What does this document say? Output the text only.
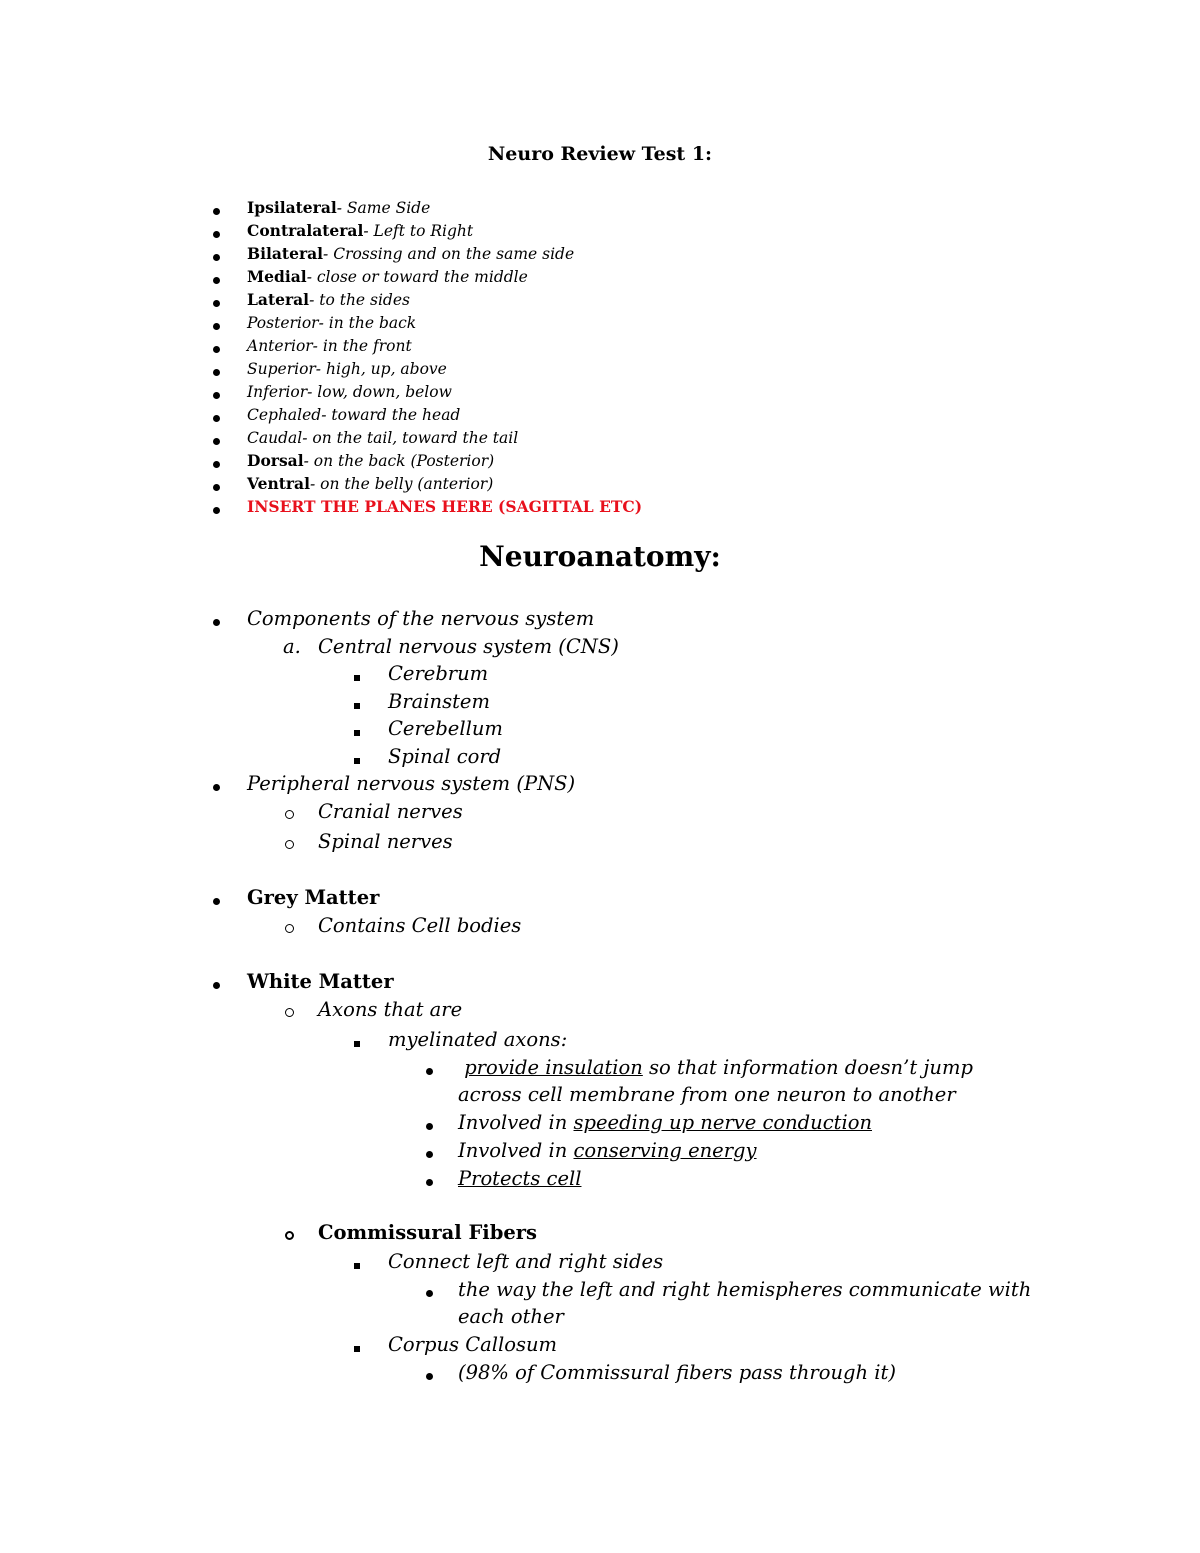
Neuro Review Test 1:
Ipsilateral- Same Side
Contralateral- Left to Right
Bilateral- Crossing and on the same side
Medial- close or toward the middle
Lateral- to the sides
Posterior- in the back
Anterior- in the front
Superior- high, up, above
Inferior- low, down, below
Cephaled- toward the head
Caudal- on the tail, toward the tail
Dorsal- on the back (Posterior)
Ventral- on the belly (anterior)
INSERT THE PLANES HERE (SAGITTAL ETC)
Neuroanatomy:
Components of the nervous system
a. Central nervous system (CNS)
Cerebrum
Brainstem
Cerebellum
Spinal cord
Peripheral nervous system (PNS)
Cranial nerves
Spinal nerves
Grey Matter
Contains Cell bodies
White Matter
Axons that are
myelinated axons:
provide insulation so that information doesn’t jump
across cell membrane from one neuron to another
Involved in speeding up nerve conduction
Involved in conserving energy
Protects cell
Commissural Fibers
Connect left and right sides
the way the left and right hemispheres communicate with
each other
Corpus Callosum
(98% of Commissural fibers pass through it)
